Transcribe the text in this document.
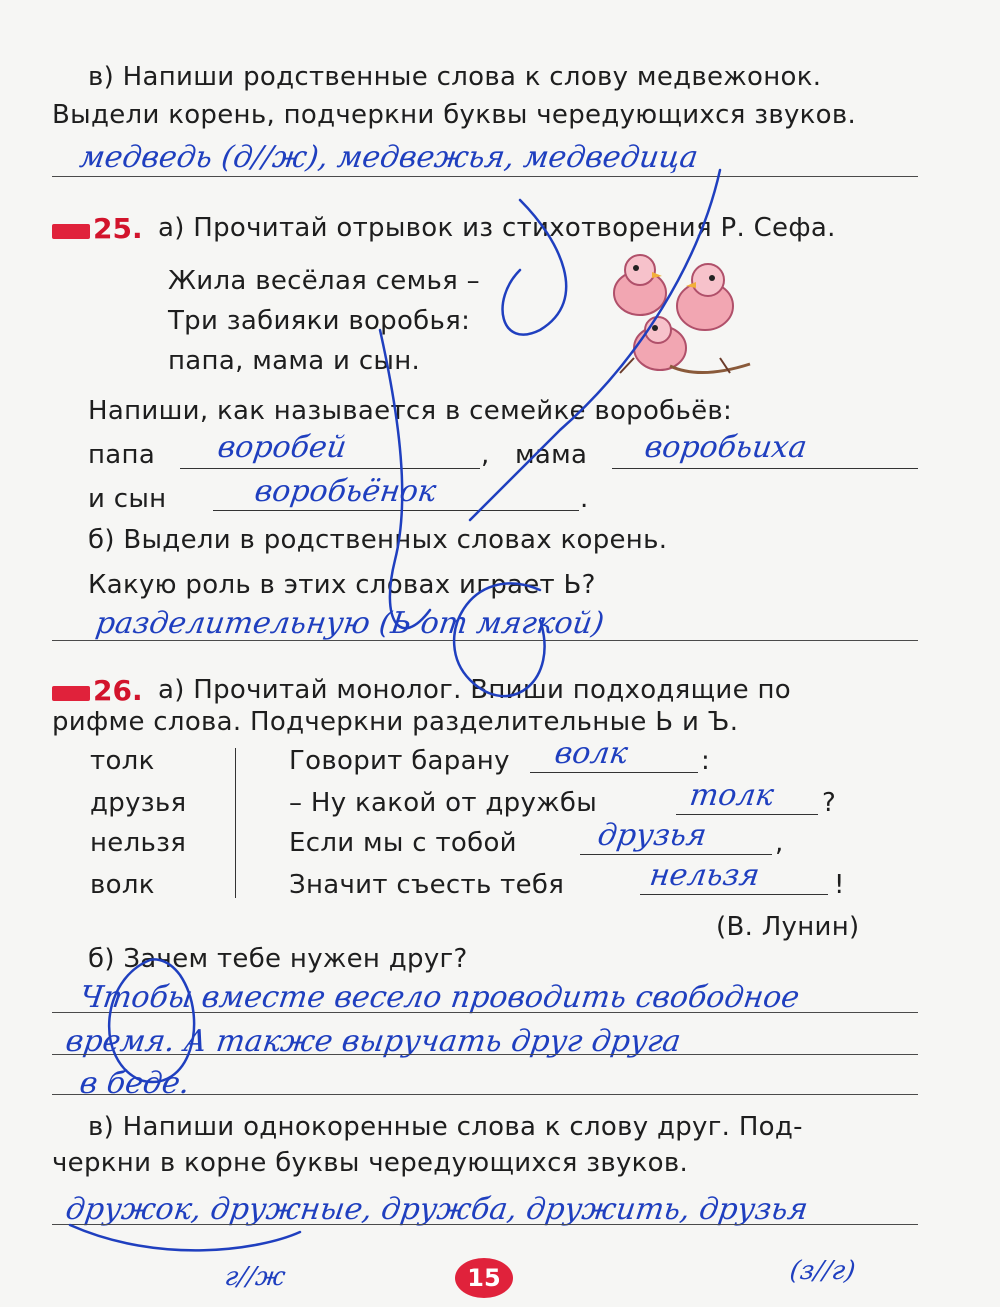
в) Напиши родственные слова к слову медвежонок.
Выдели корень, подчеркни буквы чередующихся звуков.
медведь (д//ж), медвежья, медведица
25. а) Прочитай отрывок из стихотворения Р. Сефа.
Жила весёлая семья –
Три забияки воробья:
папа, мама и сын.
Напиши, как называется в семейке воробьёв:
папа воробей	, мама воробьиха
и сын	воробьёнок	.
б) Выдели в родственных словах корень.
Какую роль в этих словах играет Ь?
разделительную (Ь от мягкой)
26. а) Прочитай монолог. Впиши подходящие по
рифме слова. Подчеркни разделительные Ь и Ъ.
толк
друзья
нельзя
волк
Говорит барану волк	:
– Ну какой от дружбы	толк ?
Если мы с тобой	друзья	,
Значит съесть тебя	нельзя	!
(В. Лунин)
б) Зачем тебе нужен друг?
Чтобы вместе весело проводить свободное
время. А также выручать друг друга
в беде.
в) Напиши однокоренные слова к слову друг. Под-
черкни в корне буквы чередующихся звуков.
дружок, дружные, дружба, дружить, друзья
г//ж	(з//г)
15
